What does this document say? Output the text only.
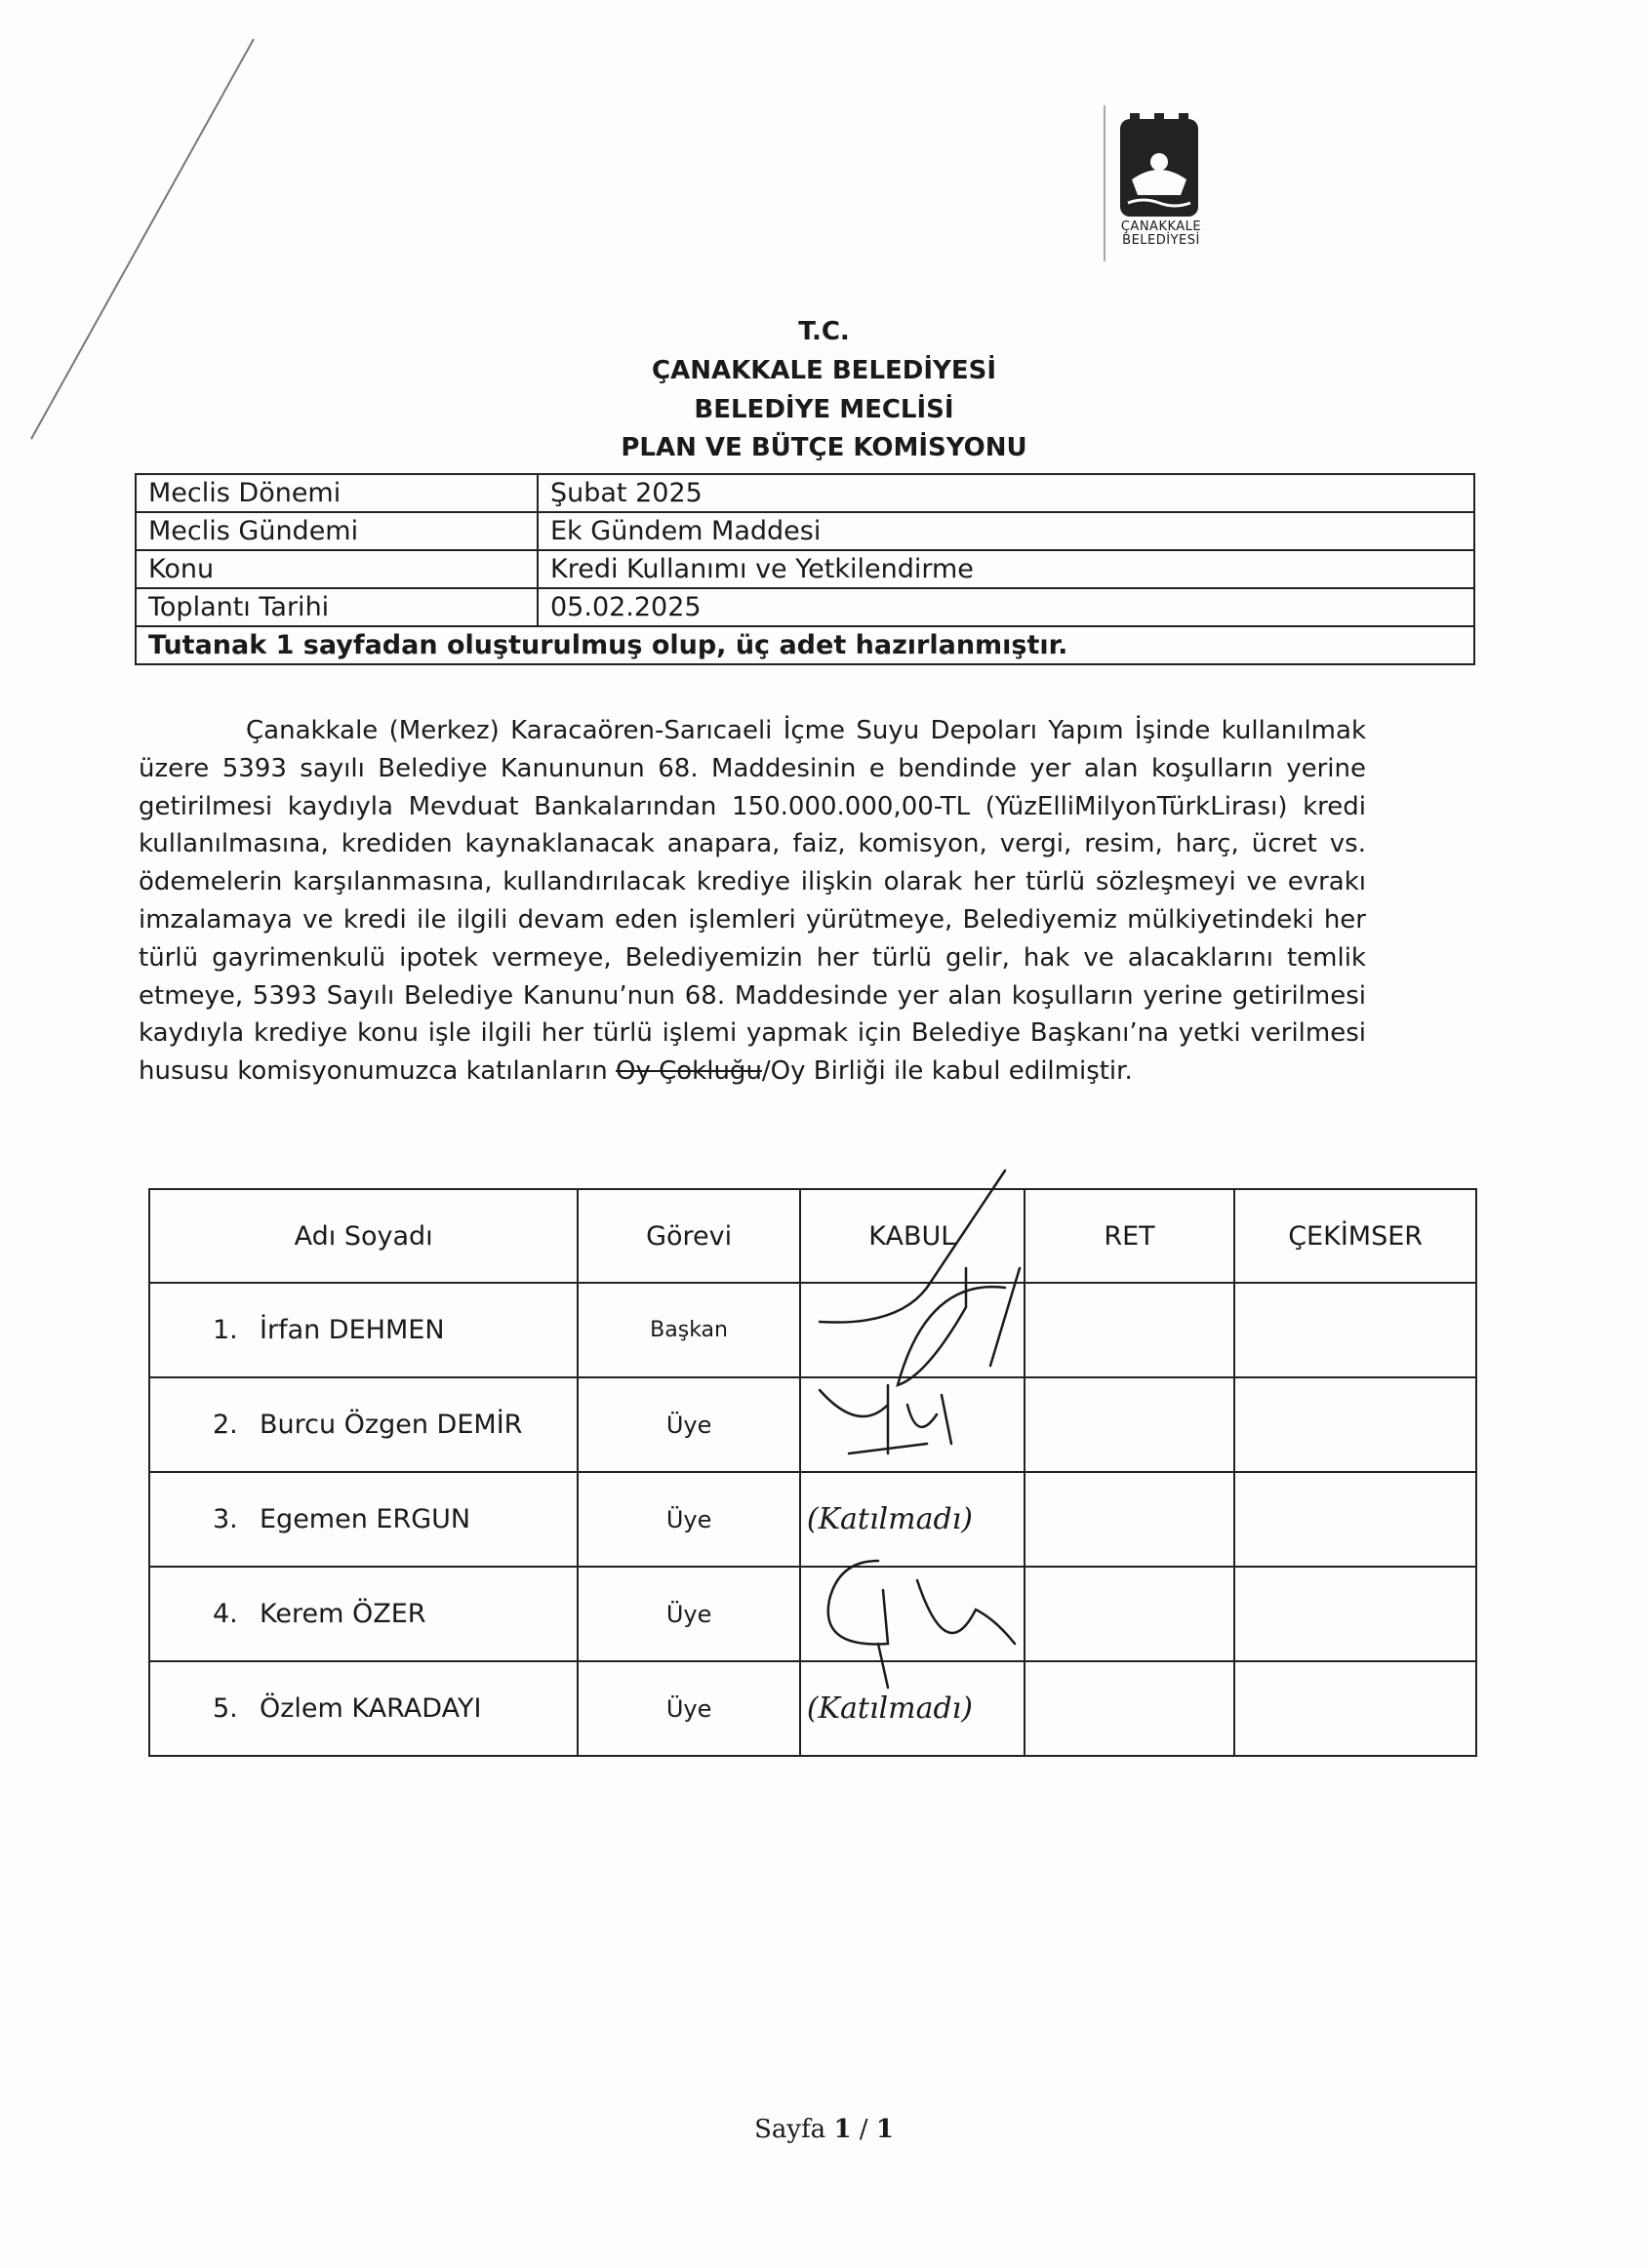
ÇANAKKALE
BELEDİYESİ
T.C.
ÇANAKKALE BELEDİYESİ
BELEDİYE MECLİSİ
PLAN VE BÜTÇE KOMİSYONU
Meclis Dönemi	Şubat 2025
Meclis Gündemi	Ek Gündem Maddesi
Konu	Kredi Kullanımı ve Yetkilendirme
Toplantı Tarihi	05.02.2025
Tutanak 1 sayfadan oluşturulmuş olup, üç adet hazırlanmıştır.	

Çanakkale (Merkez) Karacaören-Sarıcaeli İçme Suyu Depoları Yapım İşinde kullanılmak üzere 5393 sayılı Belediye Kanununun 68. Maddesinin e bendinde yer alan koşulların yerine getirilmesi kaydıyla Mevduat Bankalarından 150.000.000,00-TL (YüzElliMilyonTürkLirası) kredi kullanılmasına, krediden kaynaklanacak anapara, faiz, komisyon, vergi, resim, harç, ücret vs. ödemelerin karşılanmasına, kullandırılacak krediye ilişkin olarak her türlü sözleşmeyi ve evrakı imzalamaya ve kredi ile ilgili devam eden işlemleri yürütmeye, Belediyemiz mülkiyetindeki her türlü gayrimenkulü ipotek vermeye, Belediyemizin her türlü gelir, hak ve alacaklarını temlik etmeye, 5393 Sayılı Belediye Kanunu’nun 68. Maddesinde yer alan koşulların yerine getirilmesi kaydıyla krediye konu işle ilgili her türlü işlemi yapmak için Belediye Başkanı’na yetki verilmesi hususu komisyonumuzca katılanların Oy Çokluğu/Oy Birliği ile kabul edilmiştir.

Adı Soyadı	Görevi	KABUL	RET	ÇEKİMSER
1. İrfan DEHMEN	Başkan			
2. Burcu Özgen DEMİR	Üye			
3. Egemen ERGUN	Üye	(Katılmadı)		
4. Kerem ÖZER	Üye			
5. Özlem KARADAYI	Üye	(Katılmadı)		
Sayfa 1 / 1
